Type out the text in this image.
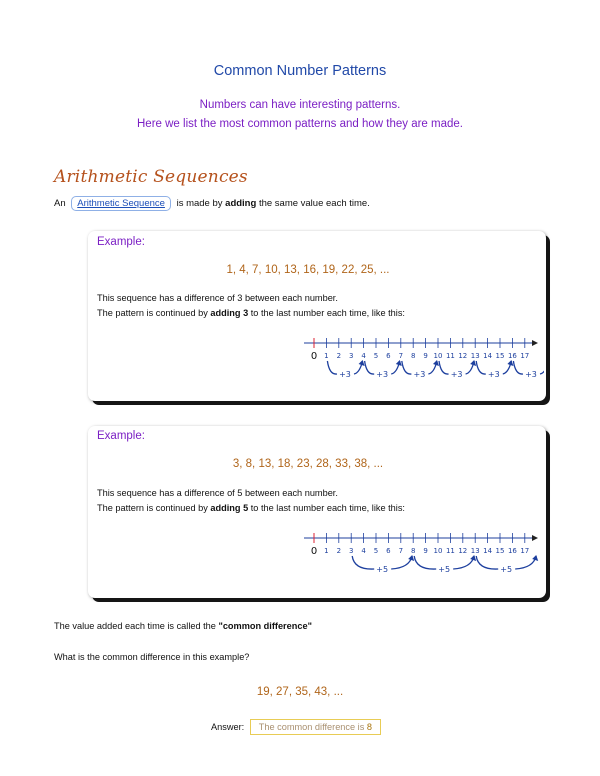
Common Number Patterns
Numbers can have interesting patterns.
Here we list the most common patterns and how they are made.
Arithmetic Sequences
An Arithmetic Sequence is made by adding the same value each time.
Example:
1, 4, 7, 10, 13, 16, 19, 22, 25, ...
This sequence has a difference of 3 between each number.
The pattern is continued by adding 3 to the last number each time, like this:
0 1 2 3 4 5 6 7 8 9 10 11 12 13 14 15 16 17
+3	+3	+3	+3	+3	+3
Example:
3, 8, 13, 18, 23, 28, 33, 38, ...
This sequence has a difference of 5 between each number.
The pattern is continued by adding 5 to the last number each time, like this:
0 1 2 3 4 5 6 7 8 9 10 11 12 13 14 15 16 17
+5	+5	+5
The value added each time is called the "common difference"
What is the common difference in this example?
19, 27, 35, 43, ...
Answer: The common difference is 8
